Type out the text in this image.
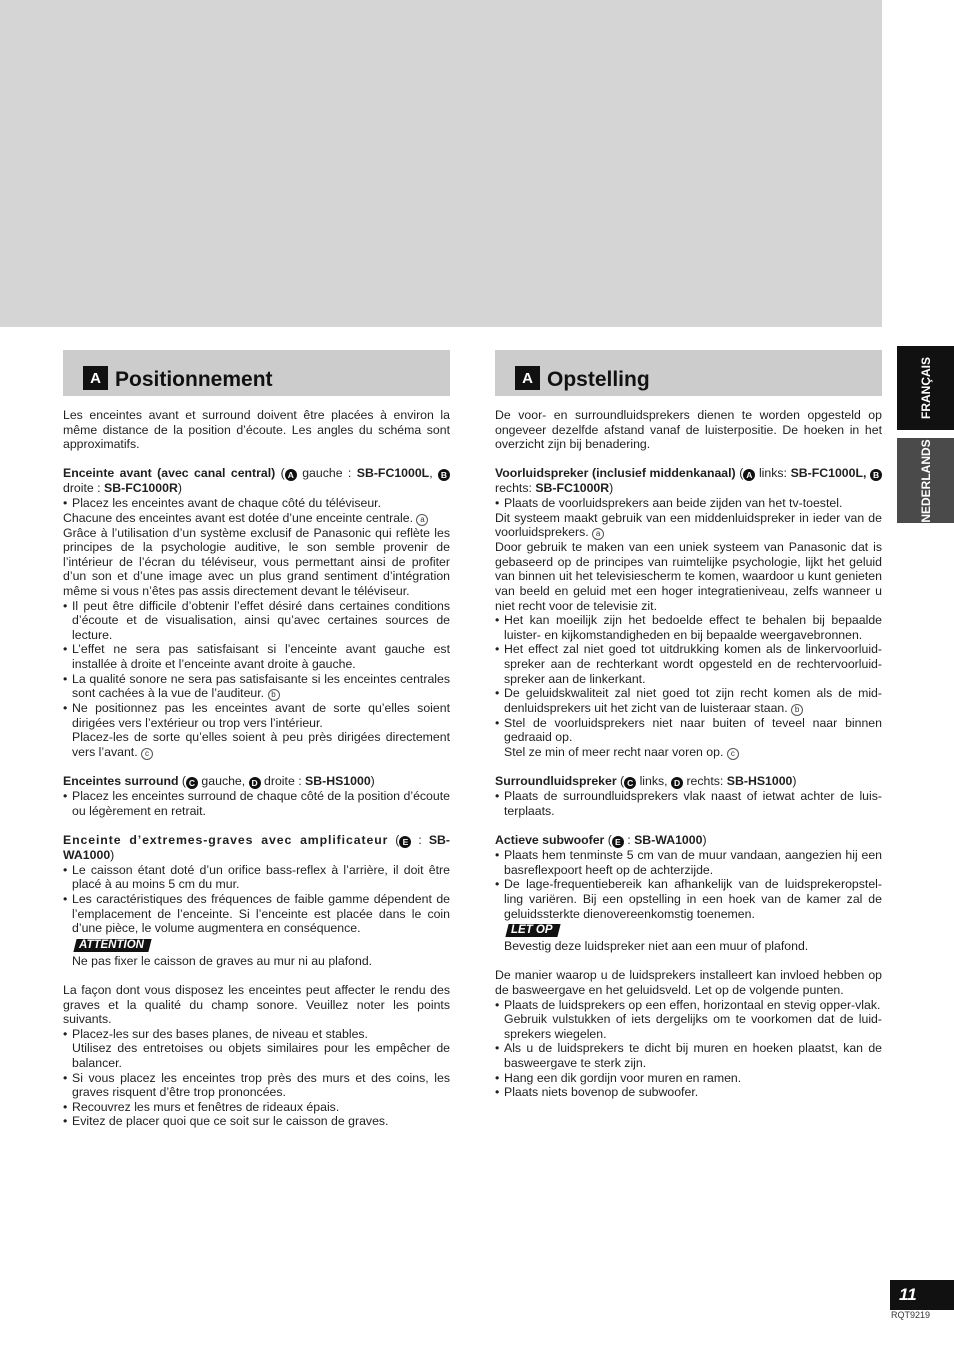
A Positionnement	A Opstelling

Les enceintes avant et surround doivent être placées à environ la même distance de la position d’écoute. Les angles du schéma sont approximatifs.

Enceinte avant (avec canal central) ( A gauche : SB-FC1000L, B droite : SB-FC1000R)

• Placez les enceintes avant de chaque côté du téléviseur.

Chacune des enceintes avant est dotée d’une enceinte centrale. a

Grâce à l’utilisation d’un système exclusif de Panasonic qui reflète les principes de la psychologie auditive, le son semble provenir de l’intérieur de l’écran du téléviseur, vous permettant ainsi de profiter d’un son et d’une image avec un plus grand sentiment d’intégration même si vous n’êtes pas assis directement devant le téléviseur.

• Il peut être difficile d’obtenir l’effet désiré dans certaines conditions d’écoute et de visualisation, ainsi qu’avec certaines sources de lecture.
• L’effet ne sera pas satisfaisant si l’enceinte avant gauche est installée à droite et l’enceinte avant droite à gauche.
• La qualité sonore ne sera pas satisfaisante si les enceintes centrales sont cachées à la vue de l’auditeur. b
• Ne positionnez pas les enceintes avant de sorte qu’elles soient dirigées vers l’extérieur ou trop vers l’intérieur.

Placez-les de sorte qu’elles soient à peu près dirigées directement vers l’avant. c

Enceintes surround ( C gauche, D droite : SB-HS1000)

• Placez les enceintes surround de chaque côté de la position d’écoute ou légèrement en retrait.

Enceinte d’extremes-graves avec amplificateur ( E : SB-WA1000)

• Le caisson étant doté d’un orifice bass-reflex à l’arrière, il doit être placé à au moins 5 cm du mur.
• Les caractéristiques des fréquences de faible gamme dépendent de l’emplacement de l’enceinte. Si l’enceinte est placée dans le coin d’une pièce, le volume augmentera en conséquence.
ATTENTION

Ne pas fixer le caisson de graves au mur ni au plafond.

La façon dont vous disposez les enceintes peut affecter le rendu des graves et la qualité du champ sonore. Veuillez noter les points suivants.

• Placez-les sur des bases planes, de niveau et stables.

Utilisez des entretoises ou objets similaires pour les empêcher de balancer.

• Si vous placez les enceintes trop près des murs et des coins, les graves risquent d’être trop prononcées.
• Recouvrez les murs et fenêtres de rideaux épais.
• Evitez de placer quoi que ce soit sur le caisson de graves.

De voor- en surroundluidsprekers dienen te worden opgesteld op ongeveer dezelfde afstand vanaf de luisterpositie. De hoeken in het overzicht zijn bij benadering.

Voorluidspreker (inclusief middenkanaal) ( A links: SB-FC1000L, B rechts: SB-FC1000R)

• Plaats de voorluidsprekers aan beide zijden van het tv-toestel.

Dit systeem maakt gebruik van een middenluidspreker in ieder van de voorluidsprekers. a

Door gebruik te maken van een uniek systeem van Panasonic dat is gebaseerd op de principes van ruimtelijke psychologie, lijkt het geluid van binnen uit het televisiescherm te komen, waardoor u kunt genieten van beeld en geluid met een hoger integratieniveau, zelfs wanneer u niet recht voor de televisie zit.

• Het kan moeilijk zijn het bedoelde effect te behalen bij bepaalde luister- en kijkomstandigheden en bij bepaalde weergavebronnen.
• Het effect zal niet goed tot uitdrukking komen als de linkervoorluid-spreker aan de rechterkant wordt opgesteld en de rechtervoorluid-spreker aan de linkerkant.
• De geluidskwaliteit zal niet goed tot zijn recht komen als de mid-denluidsprekers uit het zicht van de luisteraar staan. b
• Stel de voorluidsprekers niet naar buiten of teveel naar binnen gedraaid op.

Stel ze min of meer recht naar voren op. c

Surroundluidspreker ( C links, D rechts: SB-HS1000)

• Plaats de surroundluidsprekers vlak naast of ietwat achter de luis-terplaats.

Actieve subwoofer ( E : SB-WA1000)

• Plaats hem tenminste 5 cm van de muur vandaan, aangezien hij een basreflexpoort heeft op de achterzijde.
• De lage-frequentiebereik kan afhankelijk van de luidsprekeropstel-ling variëren. Bij een opstelling in een hoek van de kamer zal de geluidssterkte dienovereenkomstig toenemen.
LET OP

Bevestig deze luidspreker niet aan een muur of plafond.

De manier waarop u de luidsprekers installeert kan invloed hebben op de basweergave en het geluidsveld. Let op de volgende punten.

• Plaats de luidsprekers op een effen, horizontaal en stevig opper-vlak.

Gebruik vulstukken of iets dergelijks om te voorkomen dat de luid-sprekers wiegelen.

• Als u de luidsprekers te dicht bij muren en hoeken plaatst, kan de basweergave te sterk zijn.
• Hang een dik gordijn voor muren en ramen.
• Plaats niets bovenop de subwoofer.
FRANÇAIS
NEDERLANDS
11
RQT9219
